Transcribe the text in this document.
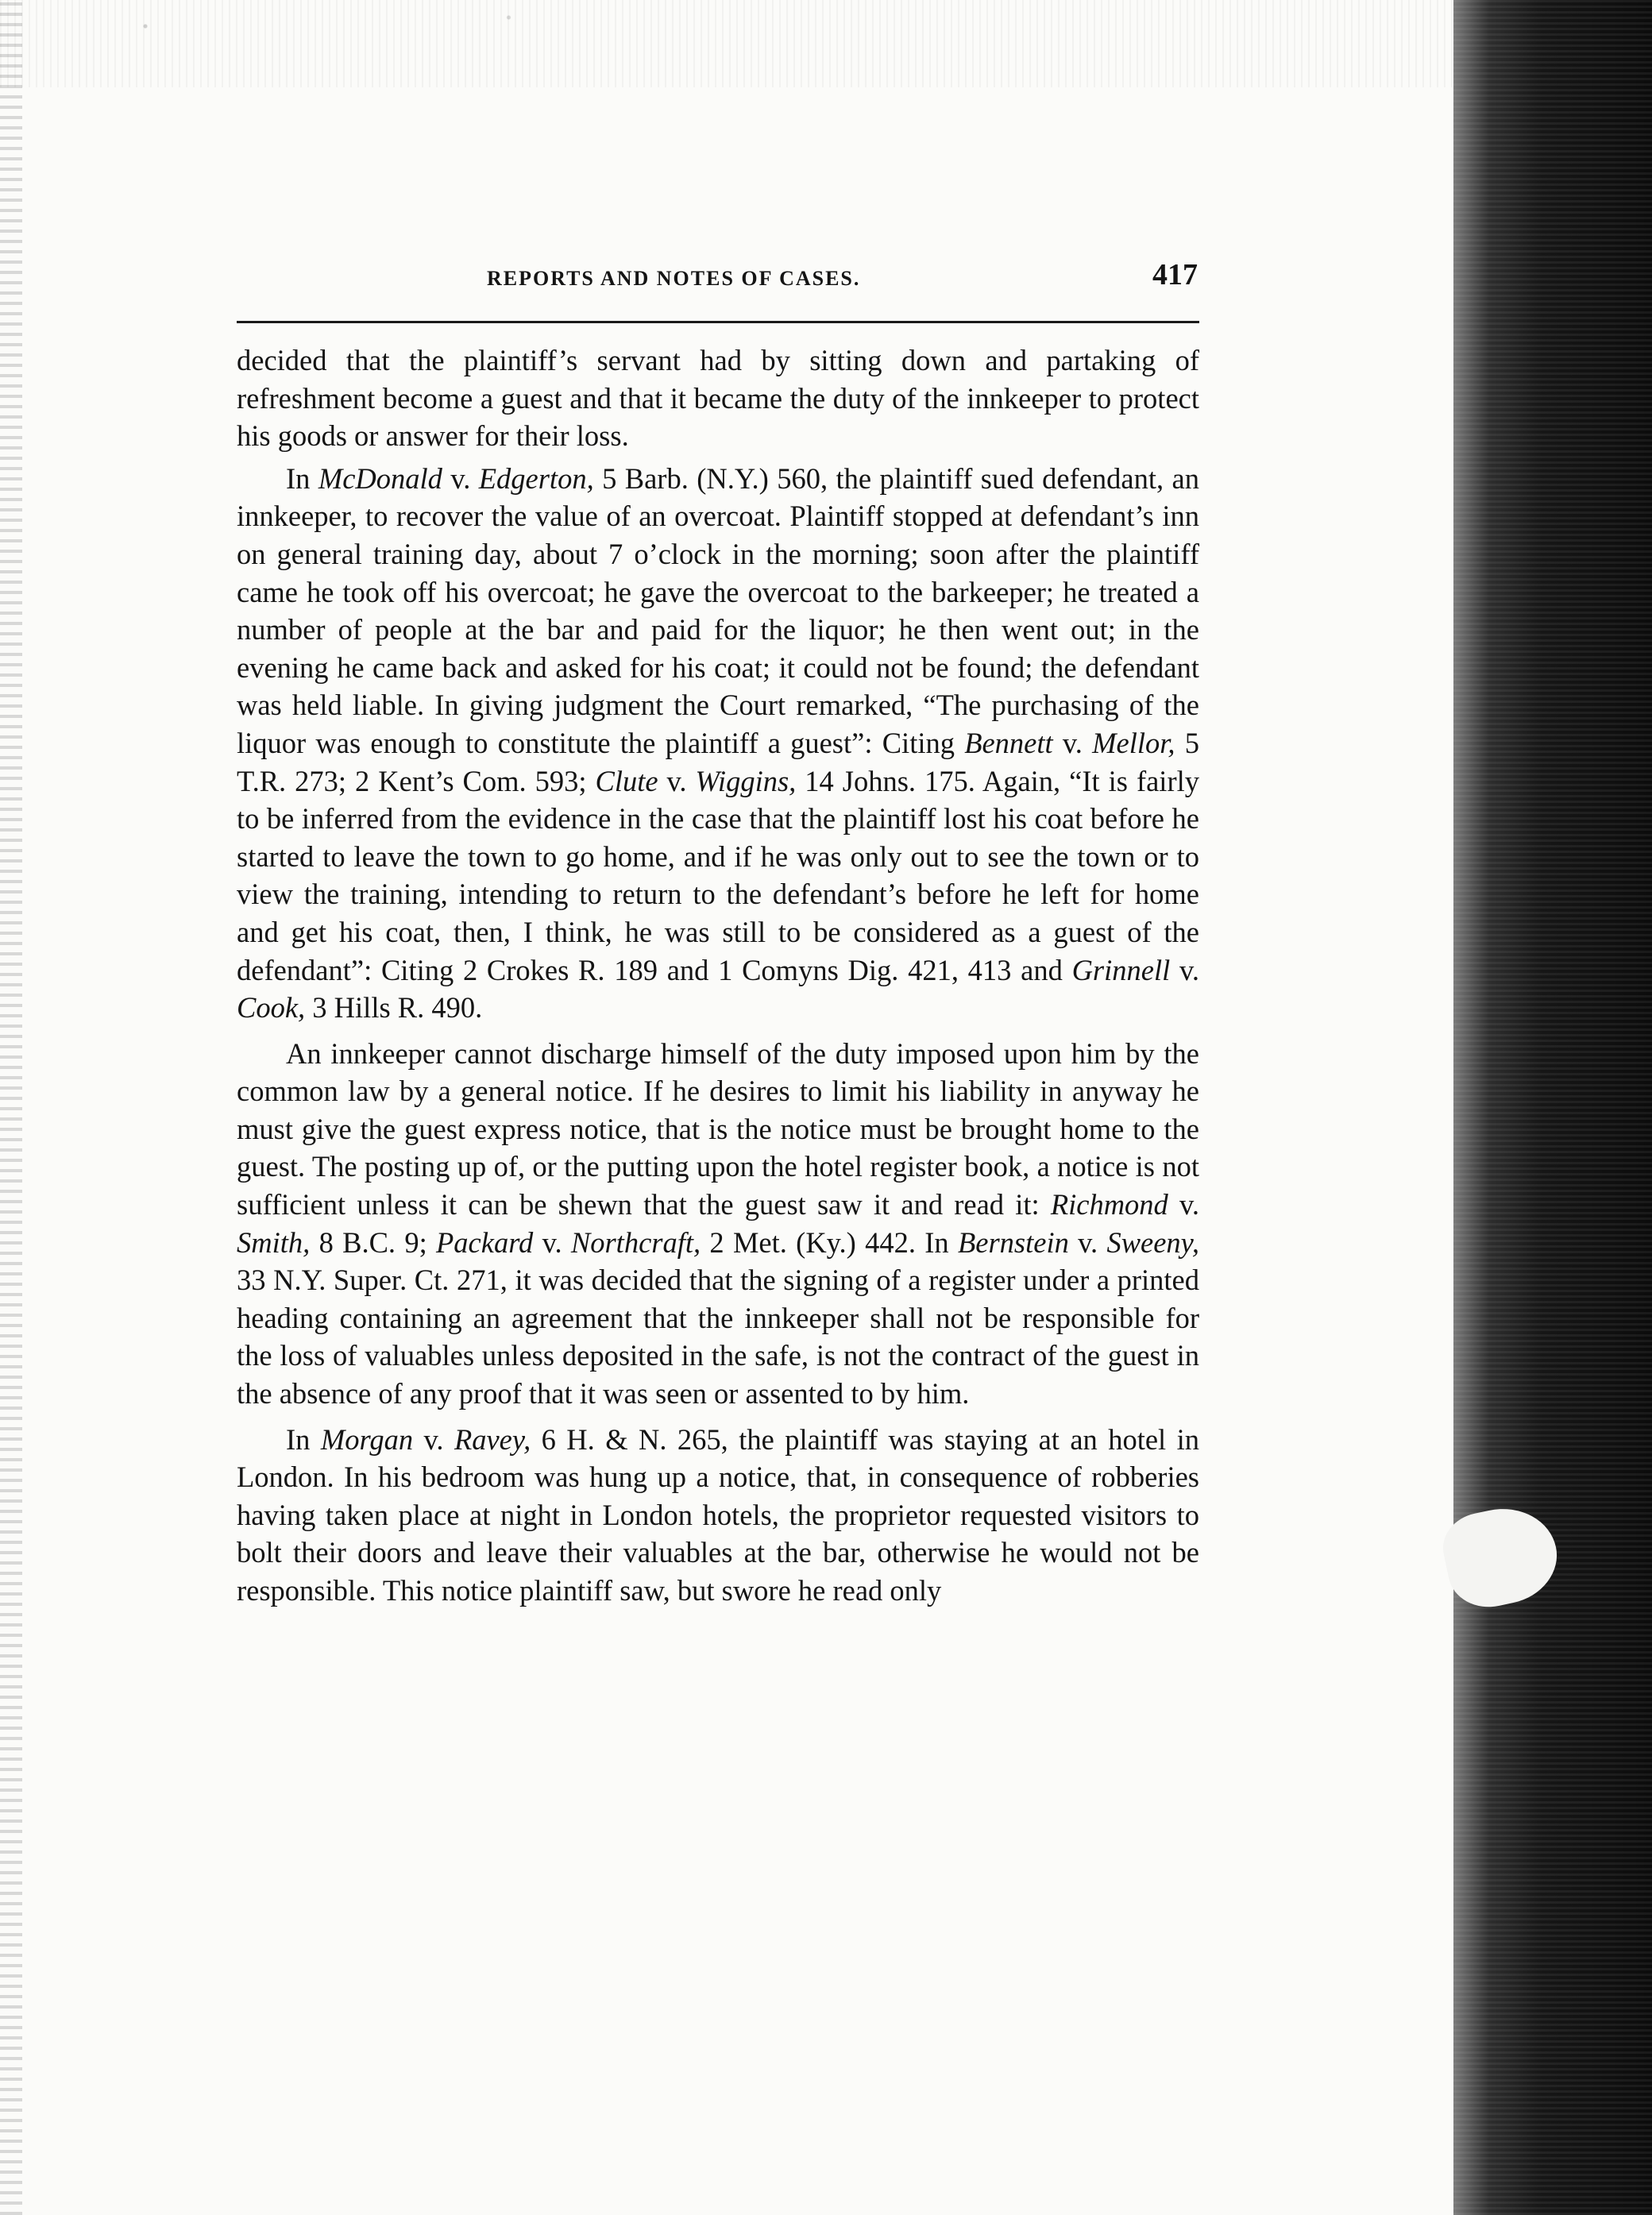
REPORTS AND NOTES OF CASES.	417

decided that the plaintiff’s servant had by sitting down and partaking of refreshment become a guest and that it became the duty of the innkeeper to protect his goods or answer for their loss.

In McDonald v. Edgerton, 5 Barb. (N.Y.) 560, the plaintiff sued defendant, an innkeeper, to recover the value of an overcoat. Plaintiff stopped at defendant’s inn on general training day, about 7 o’clock in the morning; soon after the plaintiff came he took off his overcoat; he gave the overcoat to the barkeeper; he treated a number of people at the bar and paid for the liquor; he then went out; in the evening he came back and asked for his coat; it could not be found; the defendant was held liable. In giving judgment the Court remarked, “The purchasing of the liquor was enough to constitute the plaintiff a guest”: Citing Bennett v. Mellor, 5 T.R. 273; 2 Kent’s Com. 593; Clute v. Wiggins, 14 Johns. 175. Again, “It is fairly to be inferred from the evidence in the case that the plaintiff lost his coat before he started to leave the town to go home, and if he was only out to see the town or to view the training, intending to return to the defendant’s before he left for home and get his coat, then, I think, he was still to be considered as a guest of the defendant”: Citing 2 Crokes R. 189 and 1 Comyns Dig. 421, 413 and Grinnell v. Cook, 3 Hills R. 490.

An innkeeper cannot discharge himself of the duty imposed upon him by the common law by a general notice. If he desires to limit his liability in anyway he must give the guest express notice, that is the notice must be brought home to the guest. The posting up of, or the putting upon the hotel register book, a notice is not sufficient unless it can be shewn that the guest saw it and read it: Richmond v. Smith, 8 B.C. 9; Packard v. Northcraft, 2 Met. (Ky.) 442. In Bernstein v. Sweeny, 33 N.Y. Super. Ct. 271, it was decided that the signing of a register under a printed heading containing an agreement that the innkeeper shall not be responsible for the loss of valuables unless deposited in the safe, is not the contract of the guest in the absence of any proof that it was seen or assented to by him.

In Morgan v. Ravey, 6 H. & N. 265, the plaintiff was staying at an hotel in London. In his bedroom was hung up a notice, that, in consequence of robberies having taken place at night in London hotels, the proprietor requested visitors to bolt their doors and leave their valuables at the bar, otherwise he would not be responsible. This notice plaintiff saw, but swore he read only
